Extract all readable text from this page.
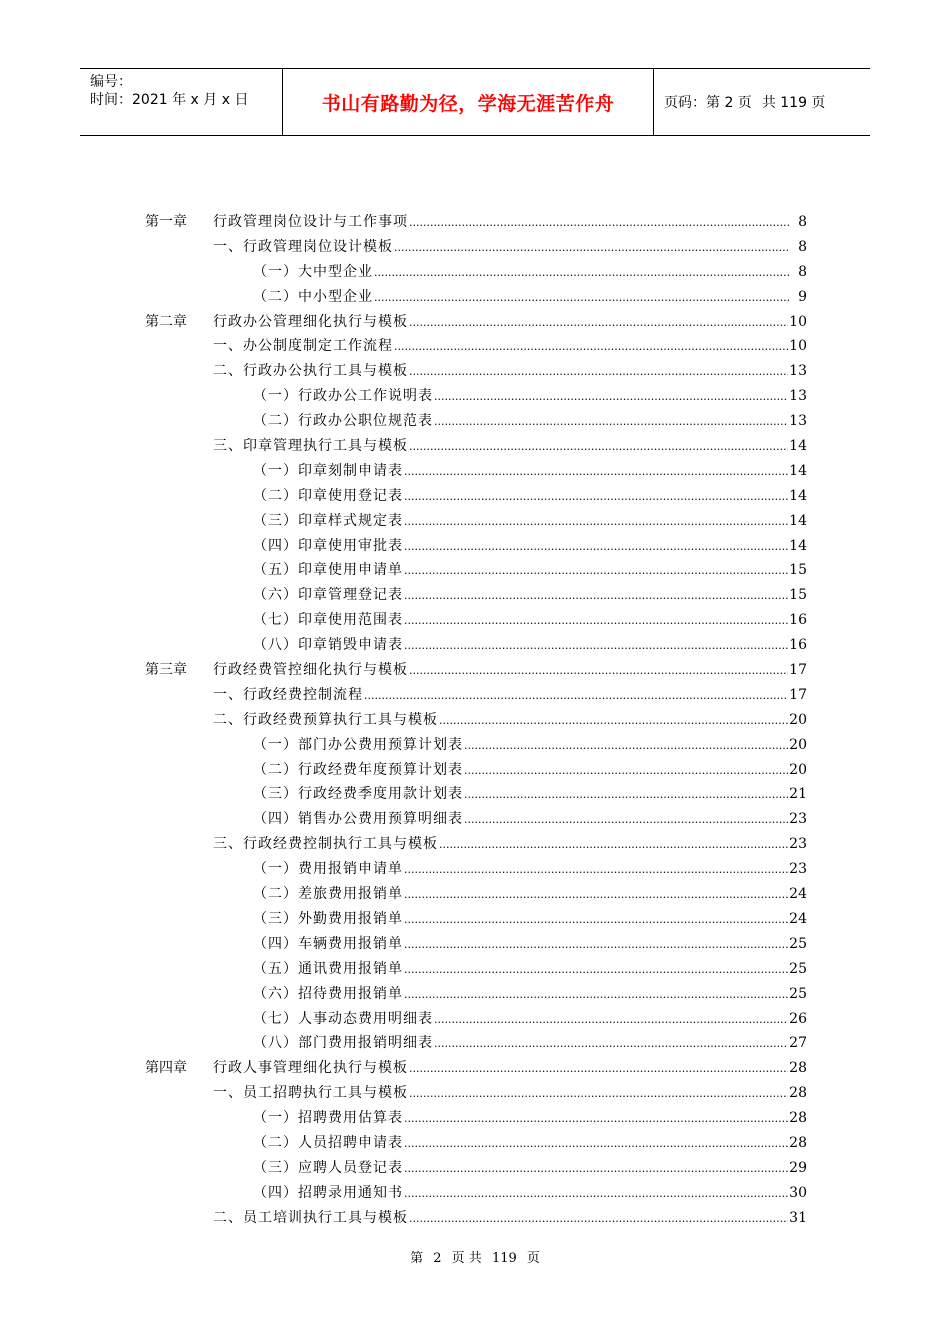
编号：
时间：2021 年 x 月 x 日	书山有路勤为径，学海无涯苦作舟	页码：第 2 页 共 119 页
第一章	行政管理岗位设计与工作事项 .....	8
一、行政管理岗位设计模板 .....	8
（一）大中型企业 .....	8
（二）中小型企业 .....	9
第二章	行政办公管理细化执行与模板 .....	10
一、办公制度制定工作流程 .....	10
二、行政办公执行工具与模板 .....	13
（一）行政办公工作说明表 .....	13
（二）行政办公职位规范表 .....	13
三、印章管理执行工具与模板 .....	14
（一）印章刻制申请表 .....	14
（二）印章使用登记表 .....	14
（三）印章样式规定表 .....	14
（四）印章使用审批表 .....	14
（五）印章使用申请单 .....	15
（六）印章管理登记表 .....	15
（七）印章使用范围表 .....	16
（八）印章销毁申请表 .....	16
第三章	行政经费管控细化执行与模板 .....	17
一、行政经费控制流程 .....	17
二、行政经费预算执行工具与模板 .....	20
（一）部门办公费用预算计划表 .....	20
（二）行政经费年度预算计划表 .....	20
（三）行政经费季度用款计划表 .....	21
（四）销售办公费用预算明细表 .....	23
三、行政经费控制执行工具与模板 .....	23
（一）费用报销申请单 .....	23
（二）差旅费用报销单 .....	24
（三）外勤费用报销单 .....	24
（四）车辆费用报销单 .....	25
（五）通讯费用报销单 .....	25
（六）招待费用报销单 .....	25
（七）人事动态费用明细表 .....	26
（八）部门费用报销明细表 .....	27
第四章	行政人事管理细化执行与模板 .....	28
一、员工招聘执行工具与模板 .....	28
（一）招聘费用估算表 .....	28
（二）人员招聘申请表 .....	28
（三）应聘人员登记表 .....	29
（四）招聘录用通知书 .....	30
二、员工培训执行工具与模板 .....	31
第 2 页 共 119 页
